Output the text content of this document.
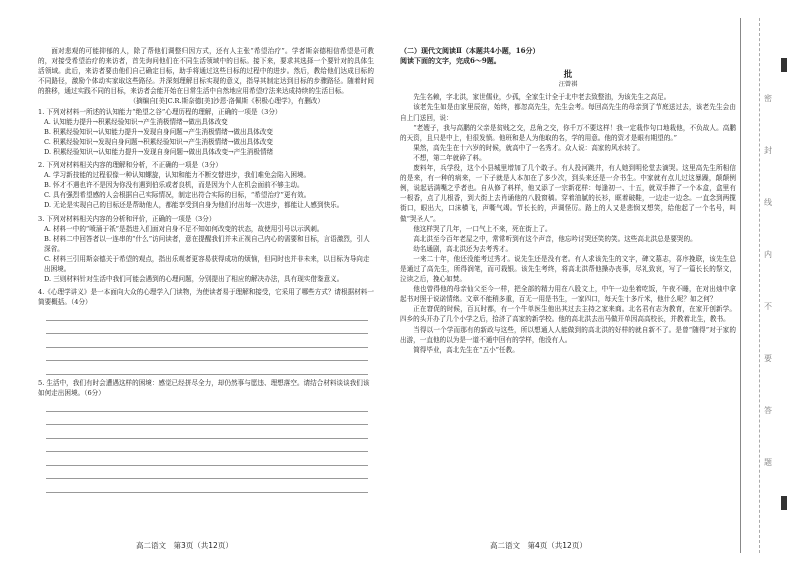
面对悲观的可能抑郁的人，除了帮他们调整归因方式，还有人主张“希望治疗”。学者斯奈德相信希望是可教的，对接受希望治疗的来访者，首先询问他们在不同生活领域中的目标。接下来，要求其选择一个要针对的具体生活领域。此后，来访者要由他们自己确定目标，助手将通过这些目标的过程中的进步。然后，教给他们达成目标的不同路径，激励个体动实家取这些路径。并深刻理解目标实现的意义，指导其制定达到目标的步骤路径。随着时间的推移，通过实践不同的目标，来访者会能开始在日常生活中自然地应用希望疗法来达成持续的生活目标。

（摘编自[美]C.R.斯奈德[美]沙恩·洛佩斯《积极心理学》，有删改）

1. 下列对材料一所述的认知能力“绝望之谷”心理历程的理解，正确的一项是（3分）

A. 认知能力提升→积累经验知识→产生消极情绪→做出具体改变

B. 积累经验知识→认知能力提升→发现自身问题→产生消极情绪→做出具体改变

C. 积累经验知识→发现自身问题→积累经验知识→产生消极情绪→做出具体改变

D. 积累经验知识→认知能力提升→发现自身问题→做出具体改变→产生消极情绪

2. 下列对材料相关内容的理解和分析，不正确的一项是（3分）

A. 学习新技能的过程很像一种认知螺旋，认知和能力不断交替进步，我们难免会陷入困境。

B. 怀才不遇也许不是因为你没有遇到伯乐或者良机，而是因为个人在机会面前不够主动。

C. 具有强烈希望感的人会根据自己实际情况，制定出符合实际的目标，“希望治疗”更有效。

D. 无论是实现自己的目标还是帮助他人，都能享受到自身为他们付出每一次进步，都能让人感到快乐。

3. 下列对材料相关内容的分析和评价，正确的一项是（3分）

A. 材料一中的“喷涌于祇”是指进入们面对自身不足不知如何改变的状态，故使用引号以示讽刺。

B. 材料二中回答者以一连串的“什么”访问读者，意在提醒我们并未正视自己内心的需要和目标，言语激烈，引人深省。

C. 材料三引用斯奈德关于希望的观点，指出乐观者更容易获得成功的烦恼，但同时也并非未来，以目标为导向走出困境。

D. 三则材料针对生活中我们可能会遇到的心理问题，分别提出了相应的解决办法，具有现实借鉴意义。

4.《心理学讲义》是一本面向大众的心理学入门读物，为使读者易于理解和接受，它采用了哪些方式？请根据材料一简要概括。（4分）

5. 生活中，我们有时会遭遇这样的困境：感觉已经拼尽全力，却仍然事与愿违、理想落空。请结合材料谈谈我们该如何走出困境。（6分）

高二语文　第3页（共12页）

（二）现代文阅读Ⅱ（本题共4小题，16分）

阅读下面的文字，完成6～9题。

批

汪曾祺

先生名赖，字北洪，家世儒业，少孤，全家生计全于北中老去致整油，为该先生之高足。

该老先生如是由家里辰宿，始终，都忽高先生，先生会考。每回高先生的母亲到了节庭送过去，该老先生会由自上门送回，说：

“老嫂子，我与高鹏的父亲是贫贱之交，总角之交，你千万不要这样！我一定栽作句口地栽他，不负故人。高鹏的天资，且只是中上，但很发愤。他班和是人为他取的名，学的用意。他的资才是眼有期望的。”

果然，高先生在十六岁的时候，就高中了一名秀才。众人说：高家的风水转了。

不想，第二年就碎了料。

废料年，兵学役，这个小县城里增加了几个敢子。有人投河跳井，有人她到明伦堂去滴哭。这里高先生所相信的是来，有一种的病来，一下子就是人本加在了多少次，到头来还是一介书生。中家就有点儿过这暴躁，颠颠例例，说起话满嘴之乎者也。自从修了料样，他又添了一宗新花样：每逢初一、十五，就双手捧了一个本盒，盒里有一根香，点了儿根香，到大街上去肖诵他的八股窗稿。穿着油腻的长衫，眶着破鞋，一边走一边念。一直念到两揽街口，眼出大，口沫横飞，声嘶气竭。节长长的，声调怪厉。路上的人又是悲悯又想笑，给他起了一个名号，叫做“哭圣人”。

他这样哭了几年，一口气上不来，死在街上了。

高北洪至今百年老屋之中，常常听到有这个声音，他忘吟讨哭还笑的笑。这些高北洪总是要哭的。

幼名通剧，高北洪还为去考秀才。

一来二十年，他还没能考过秀才。说先生还是没有老。有人求该先生的文字，碑文墓志，喜序挽联，该先生总是通过了高先生，所得润笔，而可栽银。该先生考终，将高北洪帮他操办丧事，尽礼致哀，写了一篇长长的祭文，泣读之后，挽心如焚。

他也曾得他的母亲仙父至今一样，把全部的精力用在八股文上，中午一边坐着吃饭，午夜不睡，在对出烛中拿起书对照于说诺情绪。文章不能稍多重，百无一用是书生，一家四口，每天生十多斤米，他什么呢？如之何？

正在窘促的时候，百瓦时都，有一个牛单医生他出其过去主持之家来商。北名君有志为教育，在家开创新学。四乡的头开办了几个小学之后，拾济了高家的新学校。他的高北洪去出马做开单因高高校长，并教着北生，教书。

当得以一个学而那有的新政与这些，所以想通人人能做到的高北洪的好样的就自新不了。是曾“随得”对于家的出游，一直他的以为是一道不通中回有的学样，他没有人。

简得毕业，高北先生在“五小”任教。

高二语文　第4页（共12页）
密
封
线
内
不
要
答
题
